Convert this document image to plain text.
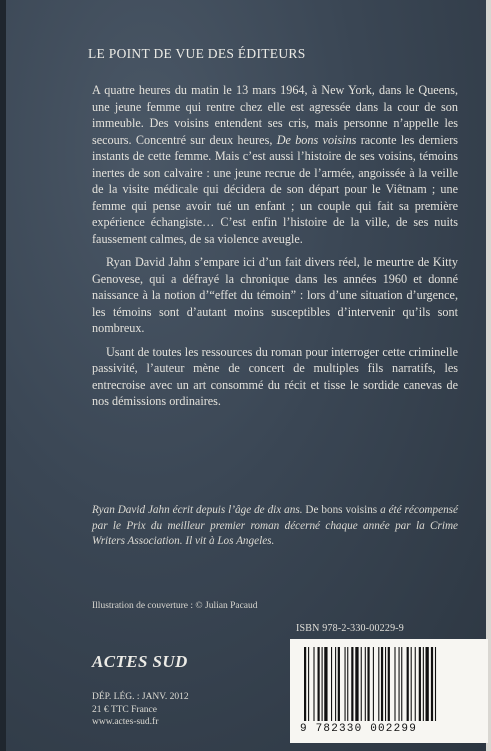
LE POINT DE VUE DES ÉDITEURS

A quatre heures du matin le 13 mars 1964, à New York, dans le Queens, une jeune femme qui rentre chez elle est agressée dans la cour de son immeuble. Des voisins entendent ses cris, mais personne n’appelle les secours. Concentré sur deux heures, De bons voisins raconte les derniers instants de cette femme. Mais c’est aussi l’histoire de ses voisins, témoins inertes de son calvaire : une jeune recrue de l’armée, angoissée à la veille de la visite médicale qui décidera de son départ pour le Viêtnam ; une femme qui pense avoir tué un enfant ; un couple qui fait sa première expérience échangiste… C’est enfin l’histoire de la ville, de ses nuits faussement calmes, de sa violence aveugle.

Ryan David Jahn s’empare ici d’un fait divers réel, le meurtre de Kitty Genovese, qui a défrayé la chronique dans les années 1960 et donné naissance à la notion d’“effet du témoin” : lors d’une situation d’urgence, les témoins sont d’autant moins susceptibles d’intervenir qu’ils sont nombreux.

Usant de toutes les ressources du roman pour interroger cette criminelle passivité, l’auteur mène de concert de multiples fils narratifs, les entrecroise avec un art consommé du récit et tisse le sordide canevas de nos démissions ordinaires.

Ryan David Jahn écrit depuis l’âge de dix ans. De bons voisins a été récompensé par le Prix du meilleur premier roman décerné chaque année par la Crime Writers Association. Il vit à Los Angeles.
Illustration de couverture : © Julian Pacaud
ISBN 978-2-330-00229-9
9 782330 002299
ACTES SUD
DÉP. LÉG. : JANV. 2012
21 € TTC France
www.actes-sud.fr
